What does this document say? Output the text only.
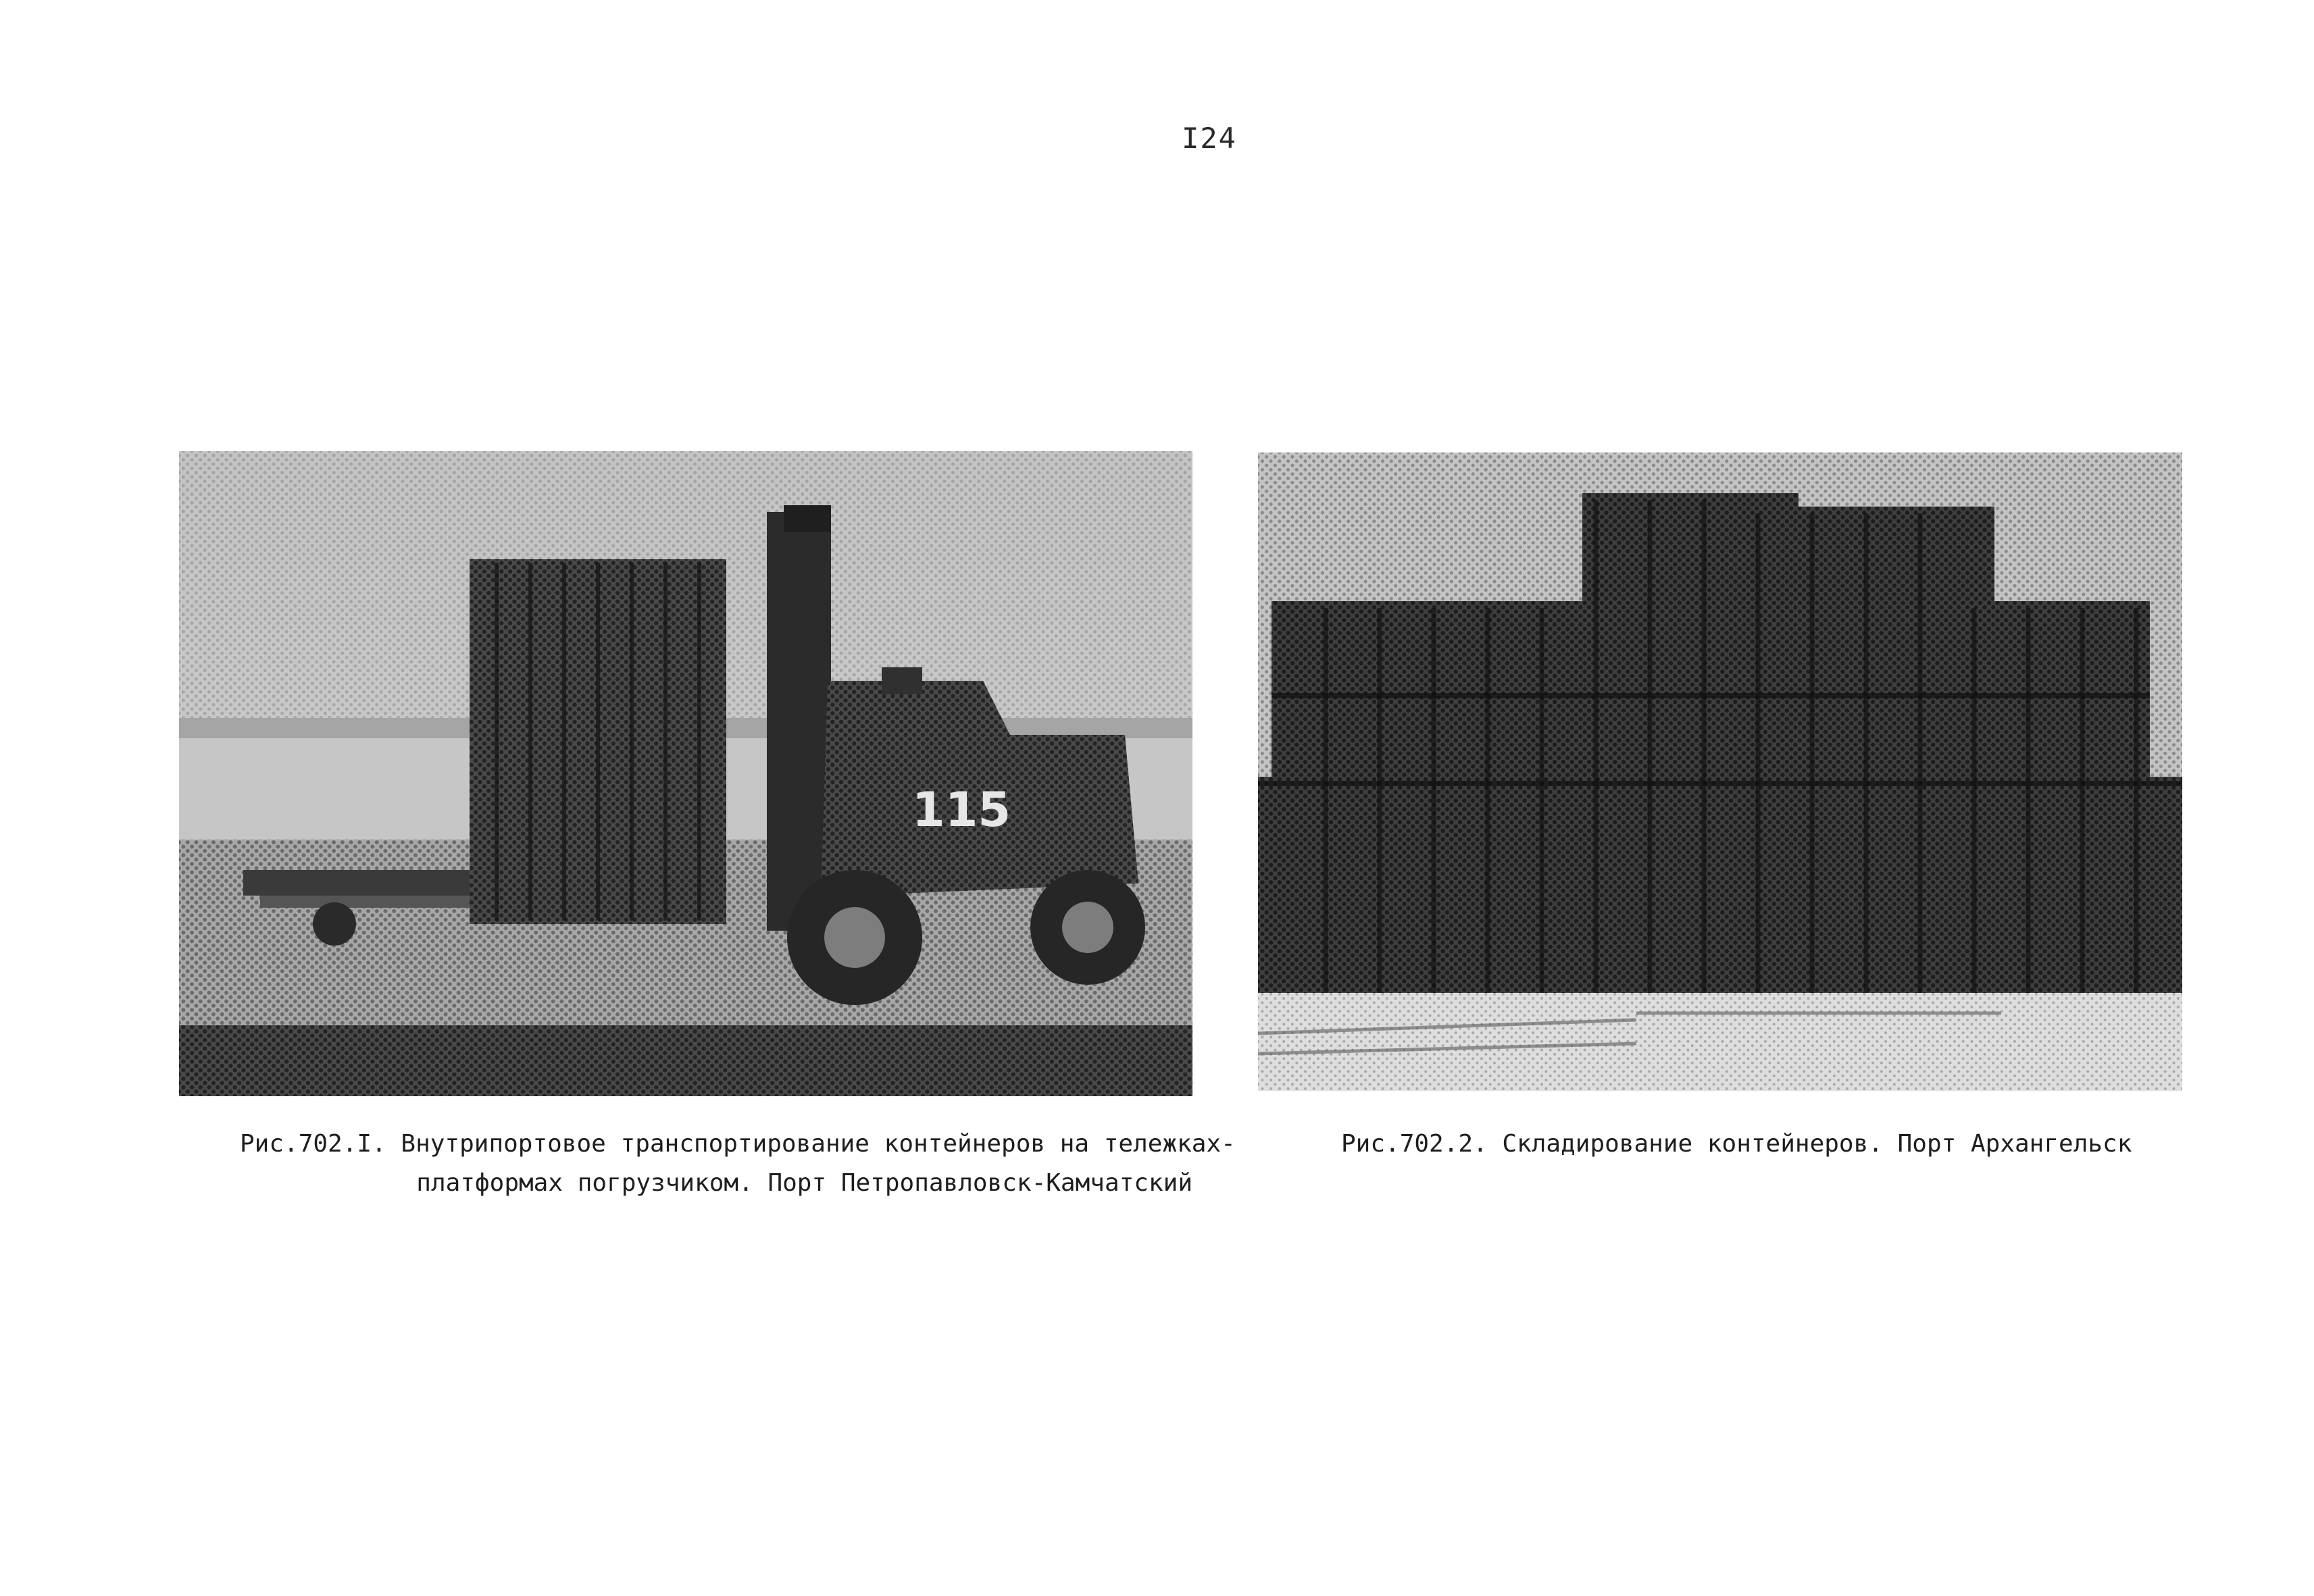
I24
115
Рис.702.I. Внутрипортовое транспортирование контейнеров на тележках-
платформах погрузчиком. Порт Петропавловск-Камчатский
Рис.702.2. Складирование контейнеров. Порт Архангельск
